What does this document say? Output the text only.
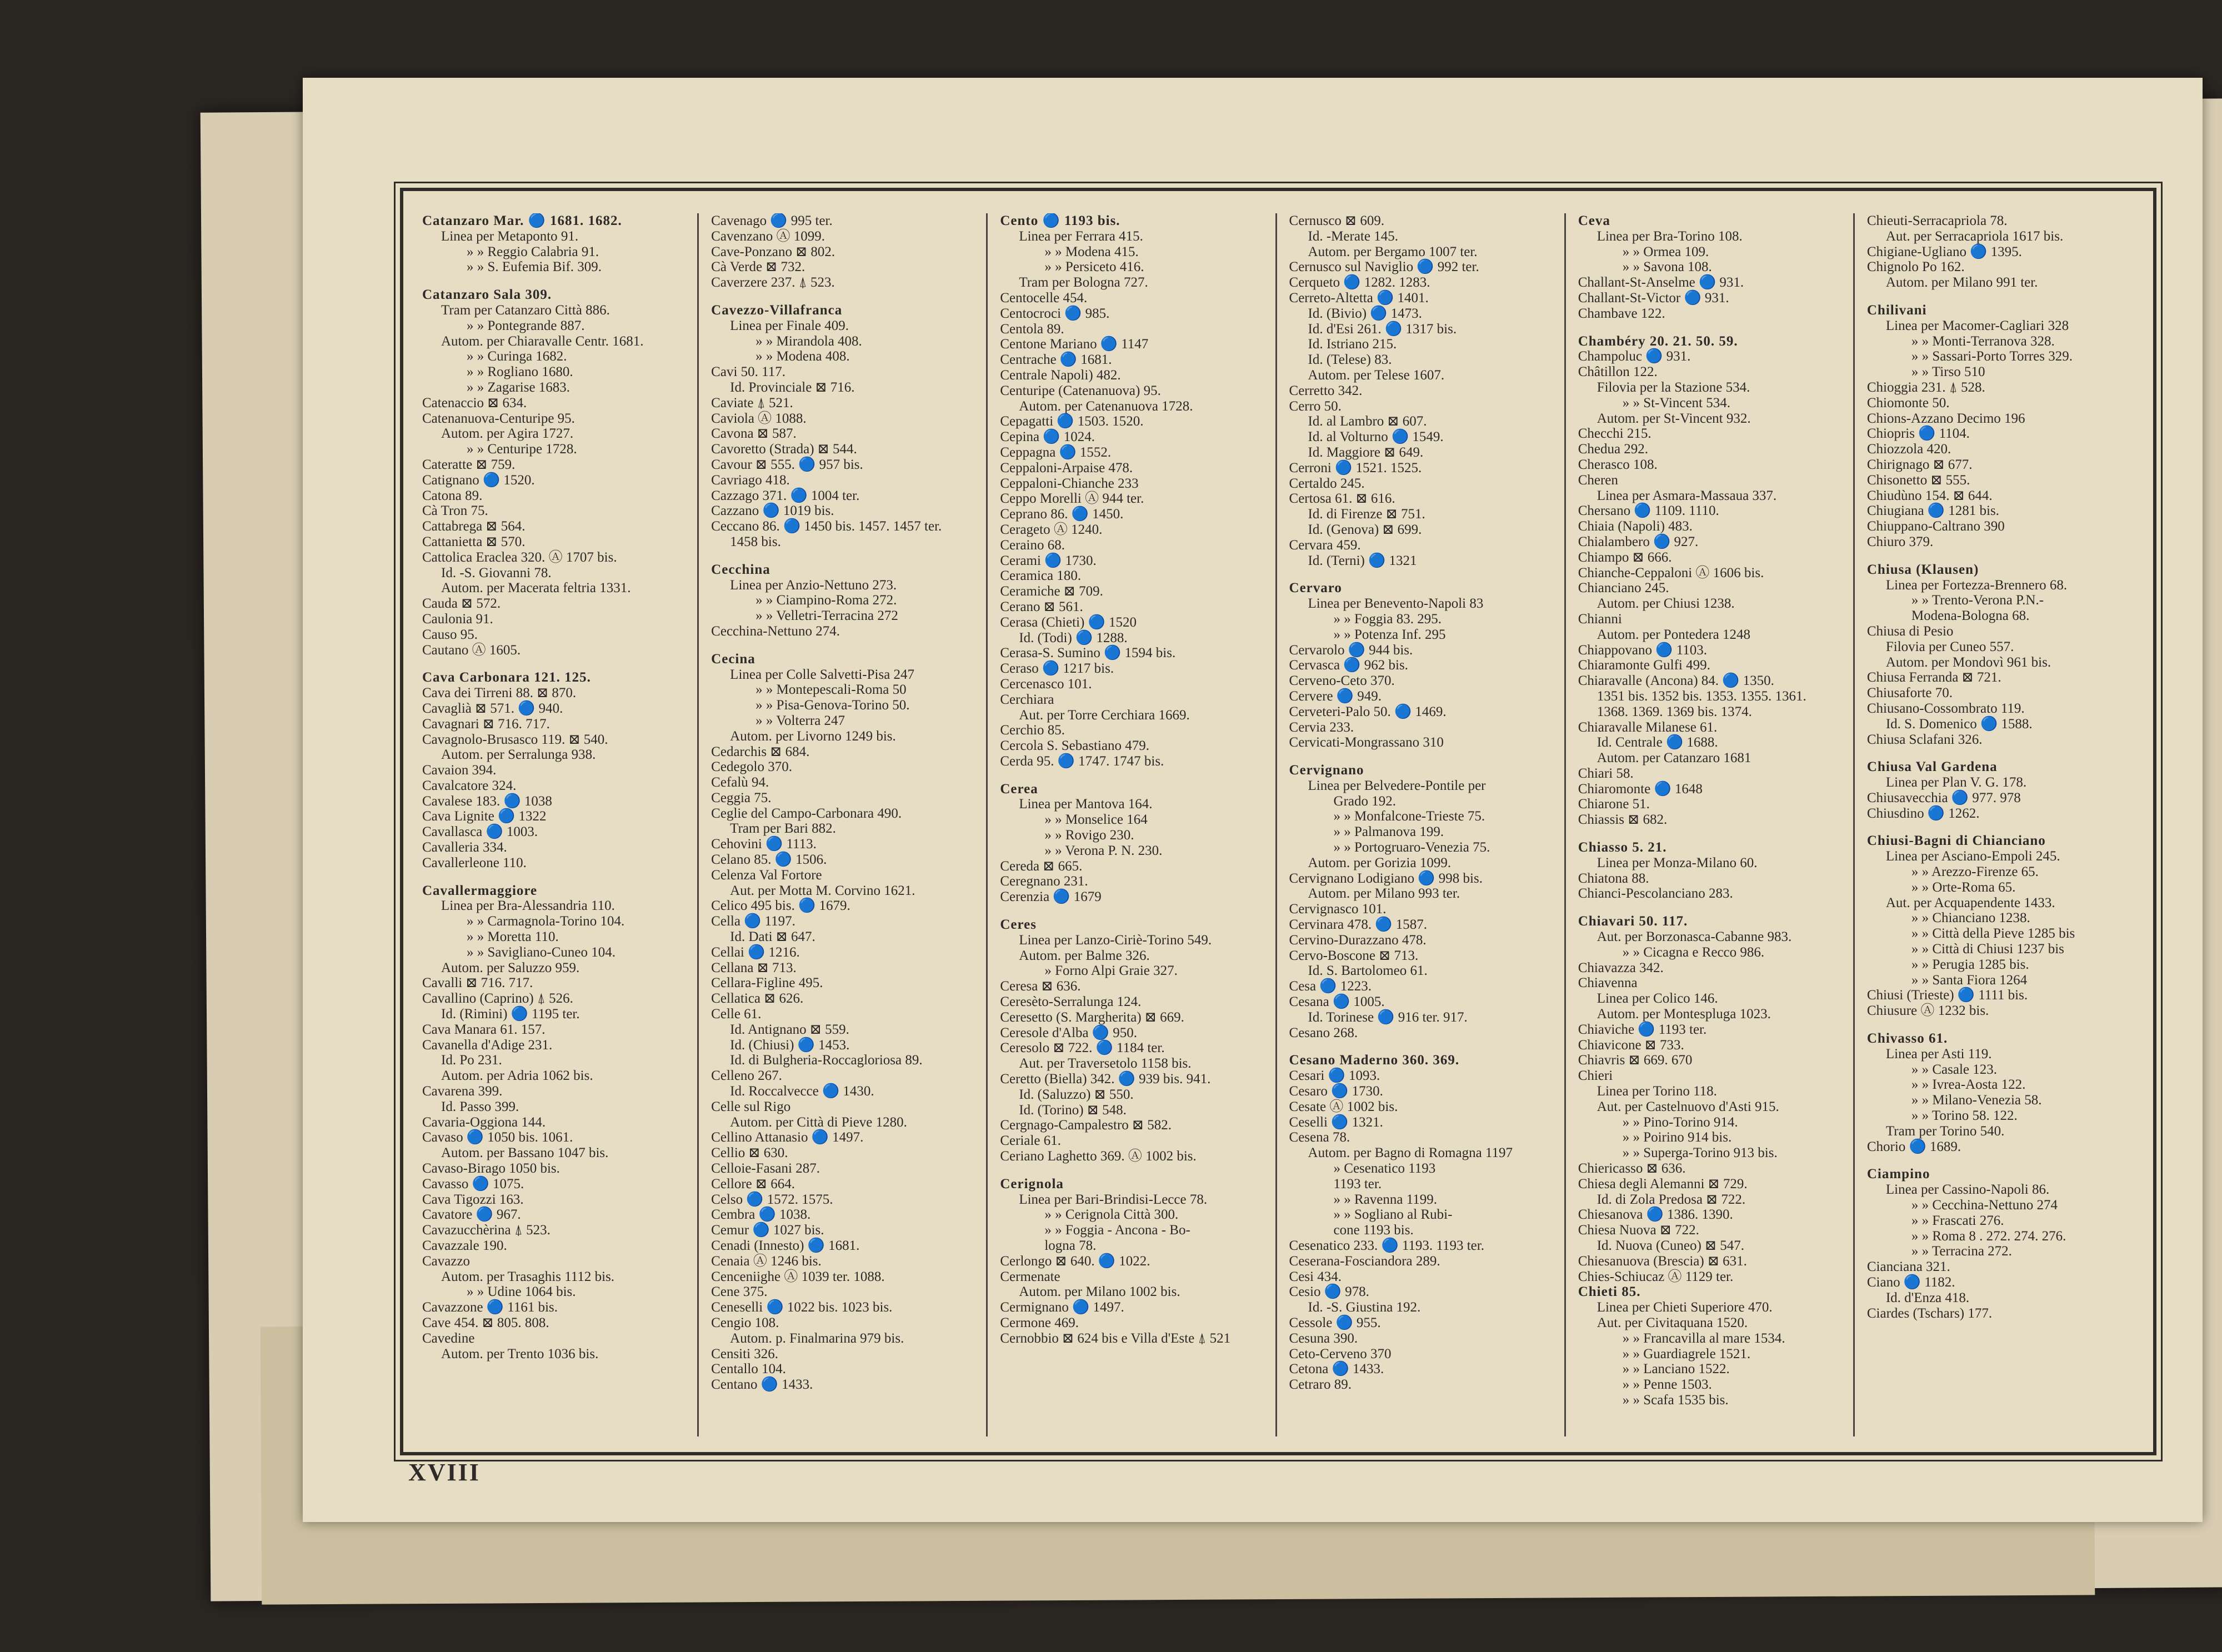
Catanzaro Mar. 🔵 1681. 1682.
Linea per Metaponto 91.
» » Reggio Calabria 91.
» » S. Eufemia Bif. 309.
Catanzaro Sala 309.
Tram per Catanzaro Città 886.
» » Pontegrande 887.
Autom. per Chiaravalle Centr. 1681.
» » Curinga 1682.
» » Rogliano 1680.
» » Zagarise 1683.
Catenaccio ⊠ 634.
Catenanuova-Centuripe 95.
Autom. per Agira 1727.
» » Centuripe 1728.
Cateratte ⊠ 759.
Catignano 🔵 1520.
Catona 89.
Cà Tron 75.
Cattabrega ⊠ 564.
Cattanietta ⊠ 570.
Cattolica Eraclea 320. Ⓐ 1707 bis.
Id. -S. Giovanni 78.
Autom. per Macerata feltria 1331.
Cauda ⊠ 572.
Caulonia 91.
Causo 95.
Cautano Ⓐ 1605.
Cava Carbonara 121. 125.
Cava dei Tirreni 88. ⊠ 870.
Cavaglià ⊠ 571. 🔵 940.
Cavagnari ⊠ 716. 717.
Cavagnolo-Brusasco 119. ⊠ 540.
Autom. per Serralunga 938.
Cavaion 394.
Cavalcatore 324.
Cavalese 183. 🔵 1038
Cava Lignite 🔵 1322
Cavallasca 🔵 1003.
Cavalleria 334.
Cavallerleone 110.
Cavallermaggiore
Linea per Bra-Alessandria 110.
» » Carmagnola-Torino 104.
» » Moretta 110.
» » Savigliano-Cuneo 104.
Autom. per Saluzzo 959.
Cavalli ⊠ 716. 717.
Cavallino (Caprino) ⍋ 526.
Id. (Rimini) 🔵 1195 ter.
Cava Manara 61. 157.
Cavanella d'Adige 231.
Id. Po 231.
Autom. per Adria 1062 bis.
Cavarena 399.
Id. Passo 399.
Cavaria-Oggiona 144.
Cavaso 🔵 1050 bis. 1061.
Autom. per Bassano 1047 bis.
Cavaso-Birago 1050 bis.
Cavasso 🔵 1075.
Cava Tigozzi 163.
Cavatore 🔵 967.
Cavazucchèrina ⍋ 523.
Cavazzale 190.
Cavazzo
Autom. per Trasaghis 1112 bis.
» » Udine 1064 bis.
Cavazzone 🔵 1161 bis.
Cave 454. ⊠ 805. 808.
Cavedine
Autom. per Trento 1036 bis.
Cavenago 🔵 995 ter.
Cavenzano Ⓐ 1099.
Cave-Ponzano ⊠ 802.
Cà Verde ⊠ 732.
Caverzere 237. ⍋ 523.
Cavezzo-Villafranca
Linea per Finale 409.
» » Mirandola 408.
» » Modena 408.
Cavi 50. 117.
Id. Provinciale ⊠ 716.
Caviate ⍋ 521.
Caviola Ⓐ 1088.
Cavona ⊠ 587.
Cavoretto (Strada) ⊠ 544.
Cavour ⊠ 555. 🔵 957 bis.
Cavriago 418.
Cazzago 371. 🔵 1004 ter.
Cazzano 🔵 1019 bis.
Ceccano 86. 🔵 1450 bis. 1457. 1457 ter.
1458 bis.
Cecchina
Linea per Anzio-Nettuno 273.
» » Ciampino-Roma 272.
» » Velletri-Terracina 272
Cecchina-Nettuno 274.
Cecina
Linea per Colle Salvetti-Pisa 247
» » Montepescali-Roma 50
» » Pisa-Genova-Torino 50.
» » Volterra 247
Autom. per Livorno 1249 bis.
Cedarchis ⊠ 684.
Cedegolo 370.
Cefalù 94.
Ceggia 75.
Ceglie del Campo-Carbonara 490.
Tram per Bari 882.
Cehovini 🔵 1113.
Celano 85. 🔵 1506.
Celenza Val Fortore
Aut. per Motta M. Corvino 1621.
Celico 495 bis. 🔵 1679.
Cella 🔵 1197.
Id. Dati ⊠ 647.
Cellai 🔵 1216.
Cellana ⊠ 713.
Cellara-Figline 495.
Cellatica ⊠ 626.
Celle 61.
Id. Antignano ⊠ 559.
Id. (Chiusi) 🔵 1453.
Id. di Bulgheria-Roccagloriosa 89.
Celleno 267.
Id. Roccalvecce 🔵 1430.
Celle sul Rigo
Autom. per Città di Pieve 1280.
Cellino Attanasio 🔵 1497.
Cellio ⊠ 630.
Celloie-Fasani 287.
Cellore ⊠ 664.
Celso 🔵 1572. 1575.
Cembra 🔵 1038.
Cemur 🔵 1027 bis.
Cenadi (Innesto) 🔵 1681.
Cenaia Ⓐ 1246 bis.
Cenceniighe Ⓐ 1039 ter. 1088.
Cene 375.
Ceneselli 🔵 1022 bis. 1023 bis.
Cengio 108.
Autom. p. Finalmarina 979 bis.
Censiti 326.
Centallo 104.
Centano 🔵 1433.
Cento 🔵 1193 bis.
Linea per Ferrara 415.
» » Modena 415.
» » Persiceto 416.
Tram per Bologna 727.
Centocelle 454.
Centocroci 🔵 985.
Centola 89.
Centone Mariano 🔵 1147
Centrache 🔵 1681.
Centrale Napoli) 482.
Centuripe (Catenanuova) 95.
Autom. per Catenanuova 1728.
Cepagatti 🔵 1503. 1520.
Cepina 🔵 1024.
Ceppagna 🔵 1552.
Ceppaloni-Arpaise 478.
Ceppaloni-Chianche 233
Ceppo Morelli Ⓐ 944 ter.
Ceprano 86. 🔵 1450.
Cerageto Ⓐ 1240.
Ceraino 68.
Cerami 🔵 1730.
Ceramica 180.
Ceramiche ⊠ 709.
Cerano ⊠ 561.
Cerasa (Chieti) 🔵 1520
Id. (Todi) 🔵 1288.
Cerasa-S. Sumino 🔵 1594 bis.
Ceraso 🔵 1217 bis.
Cercenasco 101.
Cerchiara
Aut. per Torre Cerchiara 1669.
Cerchio 85.
Cercola S. Sebastiano 479.
Cerda 95. 🔵 1747. 1747 bis.
Cerea
Linea per Mantova 164.
» » Monselice 164
» » Rovigo 230.
» » Verona P. N. 230.
Cereda ⊠ 665.
Ceregnano 231.
Cerenzia 🔵 1679
Ceres
Linea per Lanzo-Ciriè-Torino 549.
Autom. per Balme 326.
» Forno Alpi Graie 327.
Ceresa ⊠ 636.
Ceresèto-Serralunga 124.
Ceresetto (S. Margherita) ⊠ 669.
Ceresole d'Alba 🔵 950.
Ceresolo ⊠ 722. 🔵 1184 ter.
Aut. per Traversetolo 1158 bis.
Ceretto (Biella) 342. 🔵 939 bis. 941.
Id. (Saluzzo) ⊠ 550.
Id. (Torino) ⊠ 548.
Cergnago-Campalestro ⊠ 582.
Ceriale 61.
Ceriano Laghetto 369. Ⓐ 1002 bis.
Cerignola
Linea per Bari-Brindisi-Lecce 78.
» » Cerignola Città 300.
» » Foggia - Ancona - Bo-
logna 78.
Cerlongo ⊠ 640. 🔵 1022.
Cermenate
Autom. per Milano 1002 bis.
Cermignano 🔵 1497.
Cermone 469.
Cernobbio ⊠ 624 bis e Villa d'Este ⍋ 521
Cernusco ⊠ 609.
Id. -Merate 145.
Autom. per Bergamo 1007 ter.
Cernusco sul Naviglio 🔵 992 ter.
Cerqueto 🔵 1282. 1283.
Cerreto-Altetta 🔵 1401.
Id. (Bivio) 🔵 1473.
Id. d'Esi 261. 🔵 1317 bis.
Id. Istriano 215.
Id. (Telese) 83.
Autom. per Telese 1607.
Cerretto 342.
Cerro 50.
Id. al Lambro ⊠ 607.
Id. al Volturno 🔵 1549.
Id. Maggiore ⊠ 649.
Cerroni 🔵 1521. 1525.
Certaldo 245.
Certosa 61. ⊠ 616.
Id. di Firenze ⊠ 751.
Id. (Genova) ⊠ 699.
Cervara 459.
Id. (Terni) 🔵 1321
Cervaro
Linea per Benevento-Napoli 83
» » Foggia 83. 295.
» » Potenza Inf. 295
Cervarolo 🔵 944 bis.
Cervasca 🔵 962 bis.
Cerveno-Ceto 370.
Cervere 🔵 949.
Cerveteri-Palo 50. 🔵 1469.
Cervia 233.
Cervicati-Mongrassano 310
Cervignano
Linea per Belvedere-Pontile per
Grado 192.
» » Monfalcone-Trieste 75.
» » Palmanova 199.
» » Portogruaro-Venezia 75.
Autom. per Gorizia 1099.
Cervignano Lodigiano 🔵 998 bis.
Autom. per Milano 993 ter.
Cervignasco 101.
Cervinara 478. 🔵 1587.
Cervino-Durazzano 478.
Cervo-Boscone ⊠ 713.
Id. S. Bartolomeo 61.
Cesa 🔵 1223.
Cesana 🔵 1005.
Id. Torinese 🔵 916 ter. 917.
Cesano 268.
Cesano Maderno 360. 369.
Cesari 🔵 1093.
Cesaro 🔵 1730.
Cesate Ⓐ 1002 bis.
Ceselli 🔵 1321.
Cesena 78.
Autom. per Bagno di Romagna 1197
» Cesenatico 1193
1193 ter.
» » Ravenna 1199.
» » Sogliano al Rubi-
cone 1193 bis.
Cesenatico 233. 🔵 1193. 1193 ter.
Ceserana-Fosciandora 289.
Cesi 434.
Cesio 🔵 978.
Id. -S. Giustina 192.
Cessole 🔵 955.
Cesuna 390.
Ceto-Cerveno 370
Cetona 🔵 1433.
Cetraro 89.
Ceva
Linea per Bra-Torino 108.
» » Ormea 109.
» » Savona 108.
Challant-St-Anselme 🔵 931.
Challant-St-Victor 🔵 931.
Chambave 122.
Chambéry 20. 21. 50. 59.
Champoluc 🔵 931.
Châtillon 122.
Filovia per la Stazione 534.
» » St-Vincent 534.
Autom. per St-Vincent 932.
Checchi 215.
Chedua 292.
Cherasco 108.
Cheren
Linea per Asmara-Massaua 337.
Chersano 🔵 1109. 1110.
Chiaia (Napoli) 483.
Chialambero 🔵 927.
Chiampo ⊠ 666.
Chianche-Ceppaloni Ⓐ 1606 bis.
Chianciano 245.
Autom. per Chiusi 1238.
Chianni
Autom. per Pontedera 1248
Chiappovano 🔵 1103.
Chiaramonte Gulfi 499.
Chiaravalle (Ancona) 84. 🔵 1350.
1351 bis. 1352 bis. 1353. 1355. 1361.
1368. 1369. 1369 bis. 1374.
Chiaravalle Milanese 61.
Id. Centrale 🔵 1688.
Autom. per Catanzaro 1681
Chiari 58.
Chiaromonte 🔵 1648
Chiarone 51.
Chiassis ⊠ 682.
Chiasso 5. 21.
Linea per Monza-Milano 60.
Chiatona 88.
Chianci-Pescolanciano 283.
Chiavari 50. 117.
Aut. per Borzonasca-Cabanne 983.
» » Cicagna e Recco 986.
Chiavazza 342.
Chiavenna
Linea per Colico 146.
Autom. per Montespluga 1023.
Chiaviche 🔵 1193 ter.
Chiavicone ⊠ 733.
Chiavris ⊠ 669. 670
Chieri
Linea per Torino 118.
Aut. per Castelnuovo d'Asti 915.
» » Pino-Torino 914.
» » Poirino 914 bis.
» » Superga-Torino 913 bis.
Chiericasso ⊠ 636.
Chiesa degli Alemanni ⊠ 729.
Id. di Zola Predosa ⊠ 722.
Chiesanova 🔵 1386. 1390.
Chiesa Nuova ⊠ 722.
Id. Nuova (Cuneo) ⊠ 547.
Chiesanuova (Brescia) ⊠ 631.
Chies-Schiucaz Ⓐ 1129 ter.
Chieti 85.
Linea per Chieti Superiore 470.
Aut. per Civitaquana 1520.
» » Francavilla al mare 1534.
» » Guardiagrele 1521.
» » Lanciano 1522.
» » Penne 1503.
» » Scafa 1535 bis.
Chieuti-Serracapriola 78.
Aut. per Serracapriola 1617 bis.
Chigiane-Ugliano 🔵 1395.
Chignolo Po 162.
Autom. per Milano 991 ter.
Chilivani
Linea per Macomer-Cagliari 328
» » Monti-Terranova 328.
» » Sassari-Porto Torres 329.
» » Tirso 510
Chioggia 231. ⍋ 528.
Chiomonte 50.
Chions-Azzano Decimo 196
Chiopris 🔵 1104.
Chiozzola 420.
Chirignago ⊠ 677.
Chisonetto ⊠ 555.
Chiudùno 154. ⊠ 644.
Chiugiana 🔵 1281 bis.
Chiuppano-Caltrano 390
Chiuro 379.
Chiusa (Klausen)
Linea per Fortezza-Brennero 68.
» » Trento-Verona P.N.-
Modena-Bologna 68.
Chiusa di Pesio
Filovia per Cuneo 557.
Autom. per Mondovì 961 bis.
Chiusa Ferranda ⊠ 721.
Chiusaforte 70.
Chiusano-Cossombrato 119.
Id. S. Domenico 🔵 1588.
Chiusa Sclafani 326.
Chiusa Val Gardena
Linea per Plan V. G. 178.
Chiusavecchia 🔵 977. 978
Chiusdino 🔵 1262.
Chiusi-Bagni di Chianciano
Linea per Asciano-Empoli 245.
» » Arezzo-Firenze 65.
» » Orte-Roma 65.
Aut. per Acquapendente 1433.
» » Chianciano 1238.
» » Città della Pieve 1285 bis
» » Città di Chiusi 1237 bis
» » Perugia 1285 bis.
» » Santa Fiora 1264
Chiusi (Trieste) 🔵 1111 bis.
Chiusure Ⓐ 1232 bis.
Chivasso 61.
Linea per Asti 119.
» » Casale 123.
» » Ivrea-Aosta 122.
» » Milano-Venezia 58.
» » Torino 58. 122.
Tram per Torino 540.
Chorio 🔵 1689.
Ciampino
Linea per Cassino-Napoli 86.
» » Cecchina-Nettuno 274
» » Frascati 276.
» » Roma 8 . 272. 274. 276.
» » Terracina 272.
Cianciana 321.
Ciano 🔵 1182.
Id. d'Enza 418.
Ciardes (Tschars) 177.
XVIII
